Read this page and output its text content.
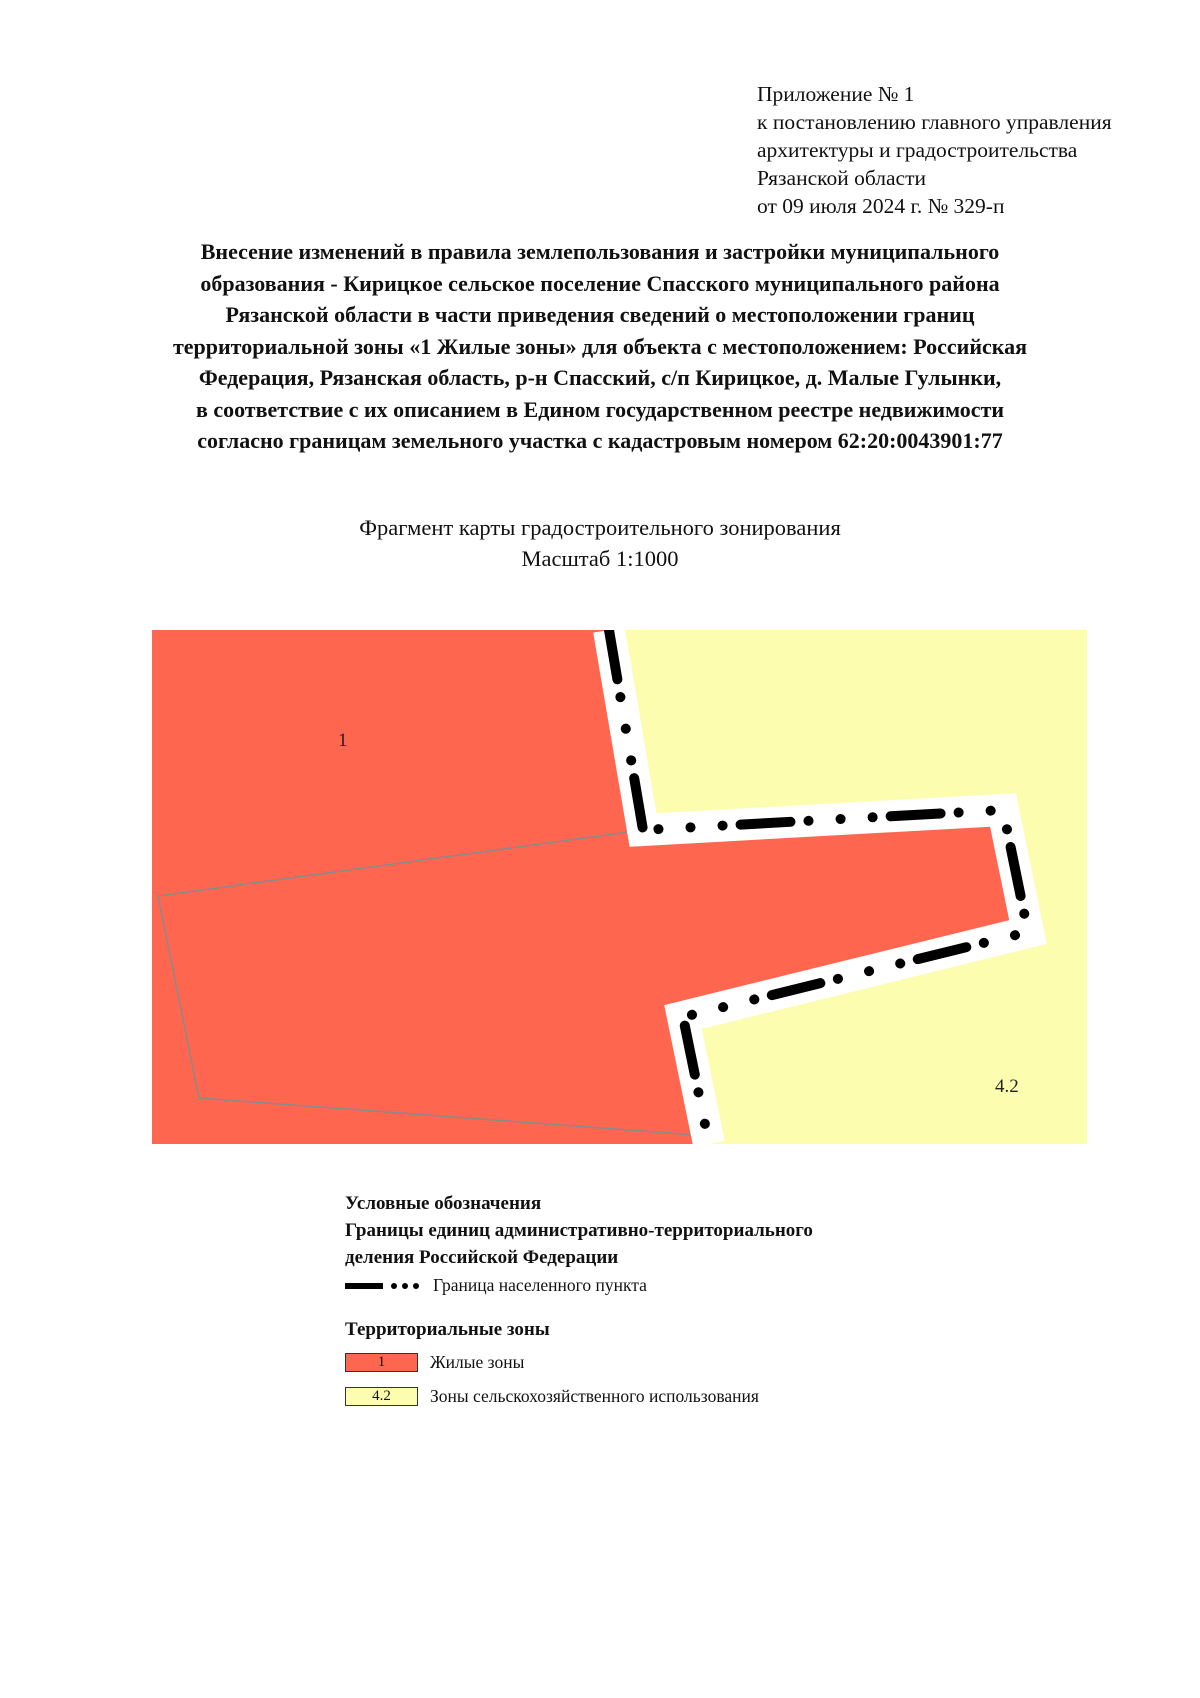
Приложение № 1
к постановлению главного управления
архитектуры и градостроительства
Рязанской области
от 09 июля 2024 г. № 329-п
Внесение изменений в правила землепользования и застройки муниципального
образования - Кирицкое сельское поселение Спасского муниципального района
Рязанской области в части приведения сведений о местоположении границ
территориальной зоны «1 Жилые зоны» для объекта с местоположением: Российская
Федерация, Рязанская область, р-н Спасский, с/п Кирицкое, д. Малые Гулынки,
в соответствие с их описанием в Едином государственном реестре недвижимости
согласно границам земельного участка с кадастровым номером 62:20:0043901:77
Фрагмент карты градостроительного зонирования
Масштаб 1:1000
1
4.2
Условные обозначения
Границы единиц административно-территориального
деления Российской Федерации
Граница населенного пункта
Территориальные зоны
1	Жилые зоны
4.2 Зоны сельскохозяйственного использования
